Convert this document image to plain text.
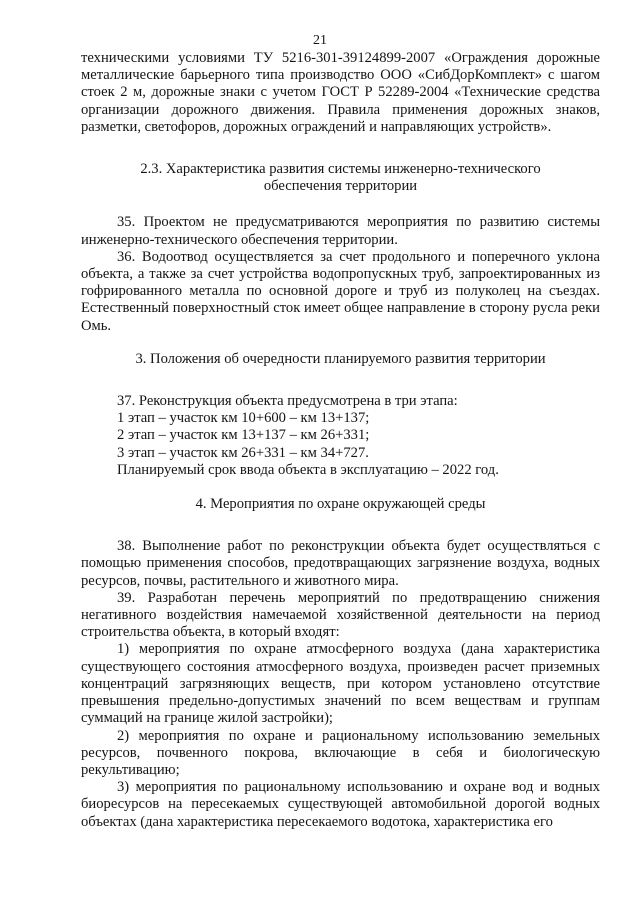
21

техническими условиями ТУ 5216-301-39124899-2007 «Ограждения дорожные металлические барьерного типа производство ООО «СибДорКомплект» с шагом стоек 2 м, дорожные знаки с учетом ГОСТ Р 52289-2004 «Технические средства организации дорожного движения. Правила применения дорожных знаков, разметки, светофоров, дорожных ограждений и направляющих устройств».

2.3. Характеристика развития системы инженерно-технического
обеспечения территории

35. Проектом не предусматриваются мероприятия по развитию системы инженерно-технического обеспечения территории.

36. Водоотвод осуществляется за счет продольного и поперечного уклона объекта, а также за счет устройства водопропускных труб, запроектированных из гофрированного металла по основной дороге и труб из полуколец на съездах. Естественный поверхностный сток имеет общее направление в сторону русла реки Омь.

3. Положения об очередности планируемого развития территории

37. Реконструкция объекта предусмотрена в три этапа:

1 этап – участок км 10+600 – км 13+137;
2 этап – участок км 13+137 – км 26+331;
3 этап – участок км 26+331 – км 34+727.
Планируемый срок ввода объекта в эксплуатацию – 2022 год.

4. Мероприятия по охране окружающей среды

38. Выполнение работ по реконструкции объекта будет осуществляться с помощью применения способов, предотвращающих загрязнение воздуха, водных ресурсов, почвы, растительного и животного мира.

39. Разработан перечень мероприятий по предотвращению снижения негативного воздействия намечаемой хозяйственной деятельности на период строительства объекта, в который входят:

1) мероприятия по охране атмосферного воздуха (дана характеристика существующего состояния атмосферного воздуха, произведен расчет приземных концентраций загрязняющих веществ, при котором установлено отсутствие превышения предельно-допустимых значений по всем веществам и группам суммаций на границе жилой застройки);

2) мероприятия по охране и рациональному использованию земельных ресурсов, почвенного покрова, включающие в себя и биологическую рекультивацию;

3) мероприятия по рациональному использованию и охране вод и водных биоресурсов на пересекаемых существующей автомобильной дорогой водных объектах (дана характеристика пересекаемого водотока, характеристика его
